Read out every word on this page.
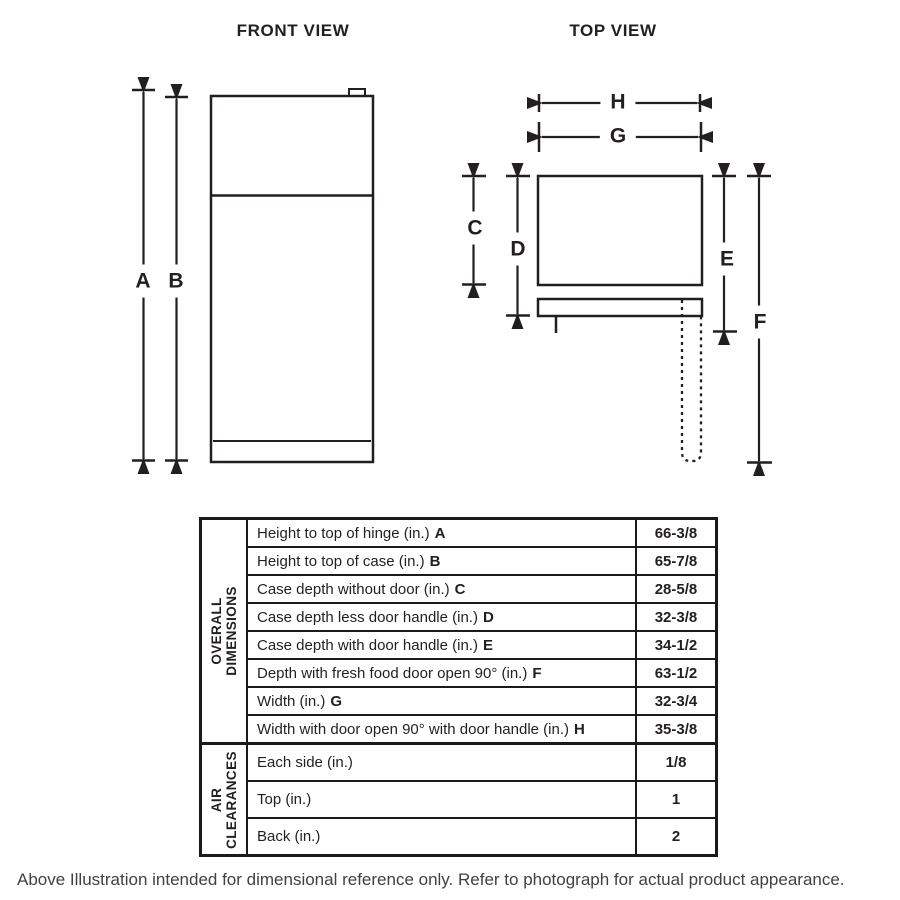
FRONT VIEW	TOP VIEW
A B
H
G
C
D	E
F
OVERALL DIMENSIONS
Height to top of hinge (in.) A	66-3/8
Height to top of case (in.) B	65-7/8
Case depth without door (in.) C	28-5/8
Case depth less door handle (in.) D	32-3/8
Case depth with door handle (in.) E	34-1/2
Depth with fresh food door open 90° (in.) F	63-1/2
Width (in.) G	32-3/4
Width with door open 90° with door handle (in.) H	35-3/8
AIR CLEARANCES Each side (in.)	1/8
Top (in.)	1
Back (in.)	2
Above Illustration intended for dimensional reference only. Refer to photograph for actual product appearance.
